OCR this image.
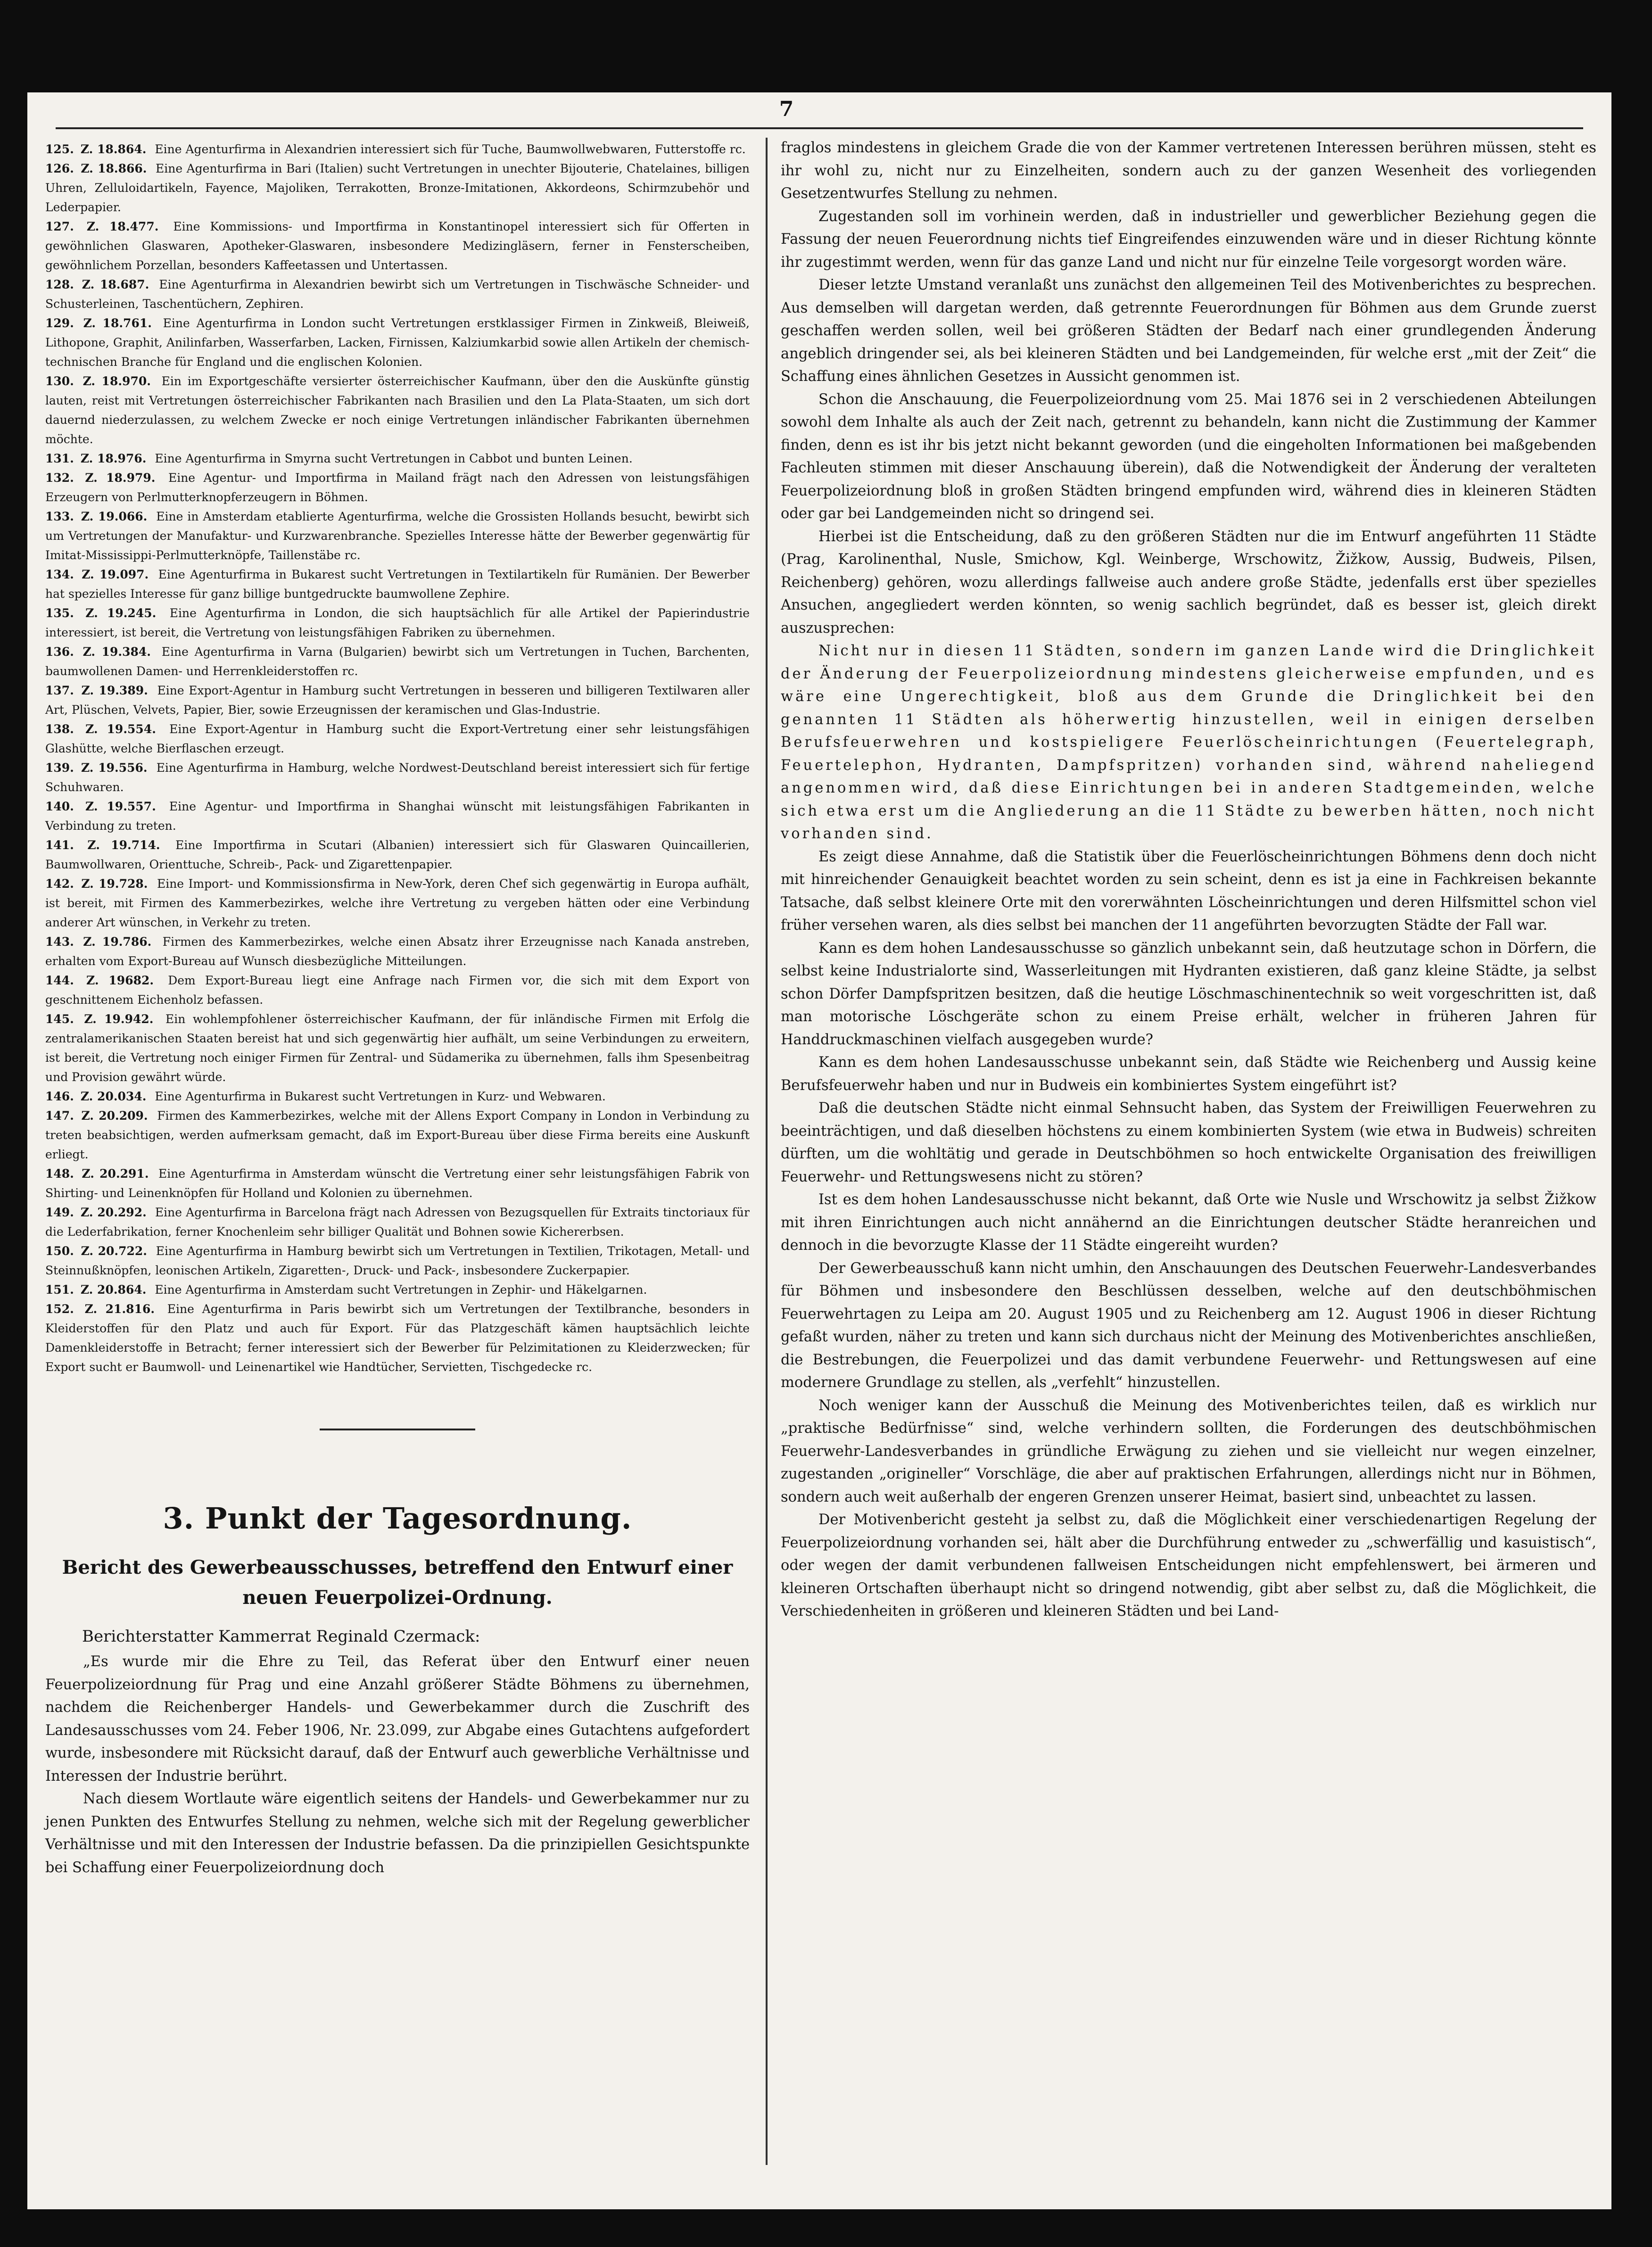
7
125. Z. 18.864. Eine Agenturfirma in Alexandrien interessiert sich für Tuche, Baumwollwebwaren, Futterstoffe rc.
126. Z. 18.866. Eine Agenturfirma in Bari (Italien) sucht Vertretungen in unechter Bijouterie, Chatelaines, billigen Uhren, Zelluloidartikeln, Fayence, Majoliken, Terrakotten, Bronze-Imitationen, Akkordeons, Schirmzubehör und Lederpapier.
127. Z. 18.477. Eine Kommissions- und Importfirma in Konstantinopel interessiert sich für Offerten in gewöhnlichen Glaswaren, Apotheker-Glaswaren, insbesondere Medizingläsern, ferner in Fensterscheiben, gewöhnlichem Porzellan, besonders Kaffeetassen und Untertassen.
128. Z. 18.687. Eine Agenturfirma in Alexandrien bewirbt sich um Vertretungen in Tischwäsche Schneider- und Schusterleinen, Taschentüchern, Zephiren.
129. Z. 18.761. Eine Agenturfirma in London sucht Vertretungen erstklassiger Firmen in Zinkweiß, Bleiweiß, Lithopone, Graphit, Anilinfarben, Wasserfarben, Lacken, Firnissen, Kalziumkarbid sowie allen Artikeln der chemisch-technischen Branche für England und die englischen Kolonien.
130. Z. 18.970. Ein im Exportgeschäfte versierter österreichischer Kaufmann, über den die Auskünfte günstig lauten, reist mit Vertretungen österreichischer Fabrikanten nach Brasilien und den La Plata-Staaten, um sich dort dauernd niederzulassen, zu welchem Zwecke er noch einige Vertretungen inländischer Fabrikanten übernehmen möchte.
131. Z. 18.976. Eine Agenturfirma in Smyrna sucht Vertretungen in Cabbot und bunten Leinen.
132. Z. 18.979. Eine Agentur- und Importfirma in Mailand frägt nach den Adressen von leistungsfähigen Erzeugern von Perlmutterknopferzeugern in Böhmen.
133. Z. 19.066. Eine in Amsterdam etablierte Agenturfirma, welche die Grossisten Hollands besucht, bewirbt sich um Vertretungen der Manufaktur- und Kurzwarenbranche. Spezielles Interesse hätte der Bewerber gegenwärtig für Imitat-Mississippi-Perlmutterknöpfe, Taillenstäbe rc.
134. Z. 19.097. Eine Agenturfirma in Bukarest sucht Vertretungen in Textilartikeln für Rumänien. Der Bewerber hat spezielles Interesse für ganz billige buntgedruckte baumwollene Zephire.
135. Z. 19.245. Eine Agenturfirma in London, die sich hauptsächlich für alle Artikel der Papierindustrie interessiert, ist bereit, die Vertretung von leistungsfähigen Fabriken zu übernehmen.
136. Z. 19.384. Eine Agenturfirma in Varna (Bulgarien) bewirbt sich um Vertretungen in Tuchen, Barchenten, baumwollenen Damen- und Herrenkleiderstoffen rc.
137. Z. 19.389. Eine Export-Agentur in Hamburg sucht Vertretungen in besseren und billigeren Textilwaren aller Art, Plüschen, Velvets, Papier, Bier, sowie Erzeugnissen der keramischen und Glas-Industrie.
138. Z. 19.554. Eine Export-Agentur in Hamburg sucht die Export-Vertretung einer sehr leistungsfähigen Glashütte, welche Bierflaschen erzeugt.
139. Z. 19.556. Eine Agenturfirma in Hamburg, welche Nordwest-Deutschland bereist interessiert sich für fertige Schuhwaren.
140. Z. 19.557. Eine Agentur- und Importfirma in Shanghai wünscht mit leistungsfähigen Fabrikanten in Verbindung zu treten.
141. Z. 19.714. Eine Importfirma in Scutari (Albanien) interessiert sich für Glaswaren Quincaillerien, Baumwollwaren, Orienttuche, Schreib-, Pack- und Zigarettenpapier.
142. Z. 19.728. Eine Import- und Kommissionsfirma in New-York, deren Chef sich gegenwärtig in Europa aufhält, ist bereit, mit Firmen des Kammerbezirkes, welche ihre Vertretung zu vergeben hätten oder eine Verbindung anderer Art wünschen, in Verkehr zu treten.
143. Z. 19.786. Firmen des Kammerbezirkes, welche einen Absatz ihrer Erzeugnisse nach Kanada anstreben, erhalten vom Export-Bureau auf Wunsch diesbezügliche Mitteilungen.
144. Z. 19682. Dem Export-Bureau liegt eine Anfrage nach Firmen vor, die sich mit dem Export von geschnittenem Eichenholz befassen.
145. Z. 19.942. Ein wohlempfohlener österreichischer Kaufmann, der für inländische Firmen mit Erfolg die zentralamerikanischen Staaten bereist hat und sich gegenwärtig hier aufhält, um seine Verbindungen zu erweitern, ist bereit, die Vertretung noch einiger Firmen für Zentral- und Südamerika zu übernehmen, falls ihm Spesenbeitrag und Provision gewährt würde.
146. Z. 20.034. Eine Agenturfirma in Bukarest sucht Vertretungen in Kurz- und Webwaren.
147. Z. 20.209. Firmen des Kammerbezirkes, welche mit der Allens Export Company in London in Verbindung zu treten beabsichtigen, werden aufmerksam gemacht, daß im Export-Bureau über diese Firma bereits eine Auskunft erliegt.
148. Z. 20.291. Eine Agenturfirma in Amsterdam wünscht die Vertretung einer sehr leistungsfähigen Fabrik von Shirting- und Leinenknöpfen für Holland und Kolonien zu übernehmen.
149. Z. 20.292. Eine Agenturfirma in Barcelona frägt nach Adressen von Bezugsquellen für Extraits tinctoriaux für die Lederfabrikation, ferner Knochenleim sehr billiger Qualität und Bohnen sowie Kichererbsen.
150. Z. 20.722. Eine Agenturfirma in Hamburg bewirbt sich um Vertretungen in Textilien, Trikotagen, Metall- und Steinnußknöpfen, leonischen Artikeln, Zigaretten-, Druck- und Pack-, insbesondere Zuckerpapier.
151. Z. 20.864. Eine Agenturfirma in Amsterdam sucht Vertretungen in Zephir- und Häkelgarnen.
152. Z. 21.816. Eine Agenturfirma in Paris bewirbt sich um Vertretungen der Textilbranche, besonders in Kleiderstoffen für den Platz und auch für Export. Für das Platzgeschäft kämen hauptsächlich leichte Damenkleiderstoffe in Betracht; ferner interessiert sich der Bewerber für Pelzimitationen zu Kleiderzwecken; für Export sucht er Baumwoll- und Leinenartikel wie Handtücher, Servietten, Tischgedecke rc.
3. Punkt der Tagesordnung.
Bericht des Gewerbeausschusses, betreffend den Entwurf einer
neuen Feuerpolizei-Ordnung.
Berichterstatter Kammerrat Reginald Czermack:

„Es wurde mir die Ehre zu Teil, das Referat über den Entwurf einer neuen Feuerpolizeiordnung für Prag und eine Anzahl größerer Städte Böhmens zu übernehmen, nachdem die Reichenberger Handels- und Gewerbekammer durch die Zuschrift des Landesausschusses vom 24. Feber 1906, Nr. 23.099, zur Abgabe eines Gutachtens aufgefordert wurde, insbesondere mit Rücksicht darauf, daß der Entwurf auch gewerbliche Verhältnisse und Interessen der Industrie berührt.

Nach diesem Wortlaute wäre eigentlich seitens der Handels- und Gewerbekammer nur zu jenen Punkten des Entwurfes Stellung zu nehmen, welche sich mit der Regelung gewerblicher Verhältnisse und mit den Interessen der Industrie befassen. Da die prinzipiellen Gesichtspunkte bei Schaffung einer Feuerpolizeiordnung doch

fraglos mindestens in gleichem Grade die von der Kammer vertretenen Interessen berühren müssen, steht es ihr wohl zu, nicht nur zu Einzelheiten, sondern auch zu der ganzen Wesenheit des vorliegenden Gesetzentwurfes Stellung zu nehmen.

Zugestanden soll im vorhinein werden, daß in industrieller und gewerblicher Beziehung gegen die Fassung der neuen Feuerordnung nichts tief Eingreifendes einzuwenden wäre und in dieser Richtung könnte ihr zugestimmt werden, wenn für das ganze Land und nicht nur für einzelne Teile vorgesorgt worden wäre.

Dieser letzte Umstand veranlaßt uns zunächst den allgemeinen Teil des Motivenberichtes zu besprechen. Aus demselben will dargetan werden, daß getrennte Feuerordnungen für Böhmen aus dem Grunde zuerst geschaffen werden sollen, weil bei größeren Städten der Bedarf nach einer grundlegenden Änderung angeblich dringender sei, als bei kleineren Städten und bei Landgemeinden, für welche erst „mit der Zeit“ die Schaffung eines ähnlichen Gesetzes in Aussicht genommen ist.

Schon die Anschauung, die Feuerpolizeiordnung vom 25. Mai 1876 sei in 2 verschiedenen Abteilungen sowohl dem Inhalte als auch der Zeit nach, getrennt zu behandeln, kann nicht die Zustimmung der Kammer finden, denn es ist ihr bis jetzt nicht bekannt geworden (und die eingeholten Informationen bei maßgebenden Fachleuten stimmen mit dieser Anschauung überein), daß die Notwendigkeit der Änderung der veralteten Feuerpolizeiordnung bloß in großen Städten bringend empfunden wird, während dies in kleineren Städten oder gar bei Landgemeinden nicht so dringend sei.

Hierbei ist die Entscheidung, daß zu den größeren Städten nur die im Entwurf angeführten 11 Städte (Prag, Karolinenthal, Nusle, Smichow, Kgl. Weinberge, Wrschowitz, Žižkow, Aussig, Budweis, Pilsen, Reichenberg) gehören, wozu allerdings fallweise auch andere große Städte, jedenfalls erst über spezielles Ansuchen, angegliedert werden könnten, so wenig sachlich begründet, daß es besser ist, gleich direkt auszusprechen:

Nicht nur in diesen 11 Städten, sondern im ganzen Lande wird die Dringlichkeit der Änderung der Feuerpolizeiordnung mindestens gleicherweise empfunden, und es wäre eine Ungerechtigkeit, bloß aus dem Grunde die Dringlichkeit bei den genannten 11 Städten als höherwertig hinzustellen, weil in einigen derselben Berufsfeuerwehren und kostspieligere Feuerlöscheinrichtungen (Feuertelegraph, Feuertelephon, Hydranten, Dampfspritzen) vorhanden sind, während naheliegend angenommen wird, daß diese Einrichtungen bei in anderen Stadtgemeinden, welche sich etwa erst um die Angliederung an die 11 Städte zu bewerben hätten, noch nicht vorhanden sind.

Es zeigt diese Annahme, daß die Statistik über die Feuerlöscheinrichtungen Böhmens denn doch nicht mit hinreichender Genauigkeit beachtet worden zu sein scheint, denn es ist ja eine in Fachkreisen bekannte Tatsache, daß selbst kleinere Orte mit den vorerwähnten Löscheinrichtungen und deren Hilfsmittel schon viel früher versehen waren, als dies selbst bei manchen der 11 angeführten bevorzugten Städte der Fall war.

Kann es dem hohen Landesausschusse so gänzlich unbekannt sein, daß heutzutage schon in Dörfern, die selbst keine Industrialorte sind, Wasserleitungen mit Hydranten existieren, daß ganz kleine Städte, ja selbst schon Dörfer Dampfspritzen besitzen, daß die heutige Löschmaschinentechnik so weit vorgeschritten ist, daß man motorische Löschgeräte schon zu einem Preise erhält, welcher in früheren Jahren für Handdruckmaschinen vielfach ausgegeben wurde?

Kann es dem hohen Landesausschusse unbekannt sein, daß Städte wie Reichenberg und Aussig keine Berufsfeuerwehr haben und nur in Budweis ein kombiniertes System eingeführt ist?

Daß die deutschen Städte nicht einmal Sehnsucht haben, das System der Freiwilligen Feuerwehren zu beeinträchtigen, und daß dieselben höchstens zu einem kombinierten System (wie etwa in Budweis) schreiten dürften, um die wohltätig und gerade in Deutschböhmen so hoch entwickelte Organisation des freiwilligen Feuerwehr- und Rettungswesens nicht zu stören?

Ist es dem hohen Landesausschusse nicht bekannt, daß Orte wie Nusle und Wrschowitz ja selbst Žižkow mit ihren Einrichtungen auch nicht annähernd an die Einrichtungen deutscher Städte heranreichen und dennoch in die bevorzugte Klasse der 11 Städte eingereiht wurden?

Der Gewerbeausschuß kann nicht umhin, den Anschauungen des Deutschen Feuerwehr-Landesverbandes für Böhmen und insbesondere den Beschlüssen desselben, welche auf den deutschböhmischen Feuerwehrtagen zu Leipa am 20. August 1905 und zu Reichenberg am 12. August 1906 in dieser Richtung gefaßt wurden, näher zu treten und kann sich durchaus nicht der Meinung des Motivenberichtes anschließen, die Bestrebungen, die Feuerpolizei und das damit verbundene Feuerwehr- und Rettungswesen auf eine modernere Grundlage zu stellen, als „verfehlt“ hinzustellen.

Noch weniger kann der Ausschuß die Meinung des Motivenberichtes teilen, daß es wirklich nur „praktische Bedürfnisse“ sind, welche verhindern sollten, die Forderungen des deutschböhmischen Feuerwehr-Landesverbandes in gründliche Erwägung zu ziehen und sie vielleicht nur wegen einzelner, zugestanden „origineller“ Vorschläge, die aber auf praktischen Erfahrungen, allerdings nicht nur in Böhmen, sondern auch weit außerhalb der engeren Grenzen unserer Heimat, basiert sind, unbeachtet zu lassen.

Der Motivenbericht gesteht ja selbst zu, daß die Möglichkeit einer verschiedenartigen Regelung der Feuerpolizeiordnung vorhanden sei, hält aber die Durchführung entweder zu „schwerfällig und kasuistisch“, oder wegen der damit verbundenen fallweisen Entscheidungen nicht empfehlenswert, bei ärmeren und kleineren Ortschaften überhaupt nicht so dringend notwendig, gibt aber selbst zu, daß die Möglichkeit, die Verschiedenheiten in größeren und kleineren Städten und bei Land-
